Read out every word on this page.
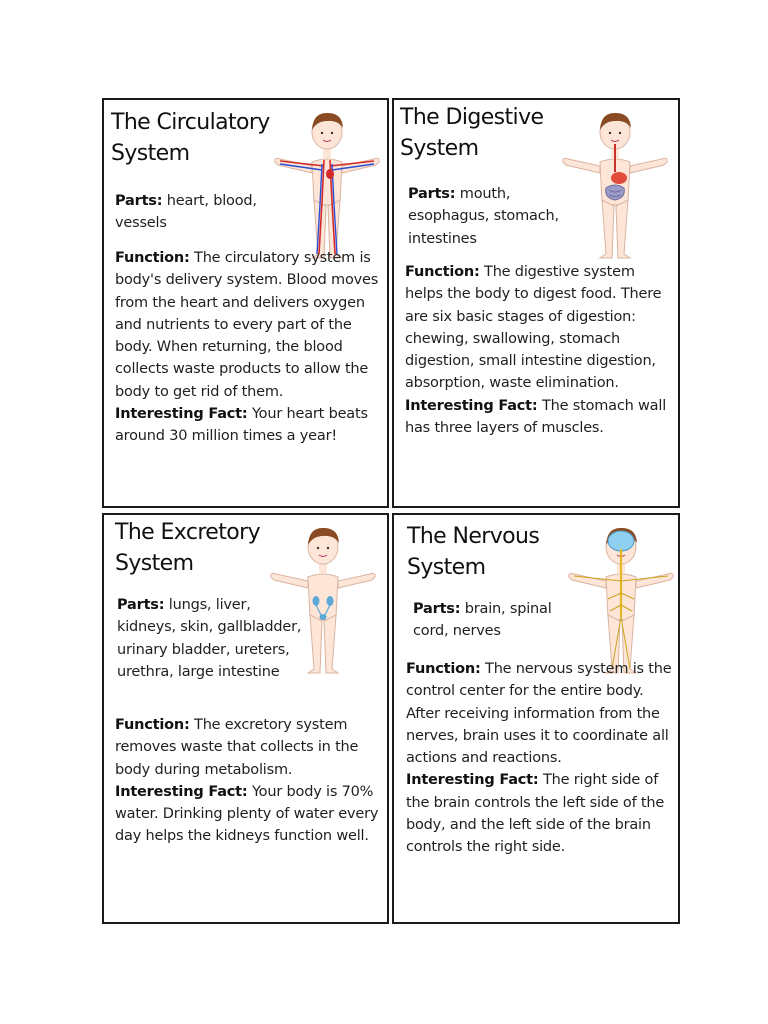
The Circulatory
System

Parts: heart, blood, vessels

Function: The circulatory system is body's delivery system. Blood moves from the heart and delivers oxygen and nutrients to every part of the body. When returning, the blood collects waste products to allow the body to get rid of them.
Interesting Fact: Your heart beats around 30 million times a year!

The Digestive
System

Parts: mouth, esophagus, stomach, intestines

Function: The digestive system helps the body to digest food. There are six basic stages of digestion: chewing, swallowing, stomach digestion, small intestine digestion, absorption, waste elimination.
Interesting Fact: The stomach wall has three layers of muscles.

The Excretory
System

Parts: lungs, liver, kidneys, skin, gallbladder, urinary bladder, ureters, urethra, large intestine

Function: The excretory system removes waste that collects in the body during metabolism.
Interesting Fact: Your body is 70% water. Drinking plenty of water every day helps the kidneys function well.

The Nervous
System

Parts: brain, spinal cord, nerves

Function: The nervous system is the control center for the entire body. After receiving information from the nerves, brain uses it to coordinate all actions and reactions.
Interesting Fact: The right side of the brain controls the left side of the body, and the left side of the brain controls the right side.
